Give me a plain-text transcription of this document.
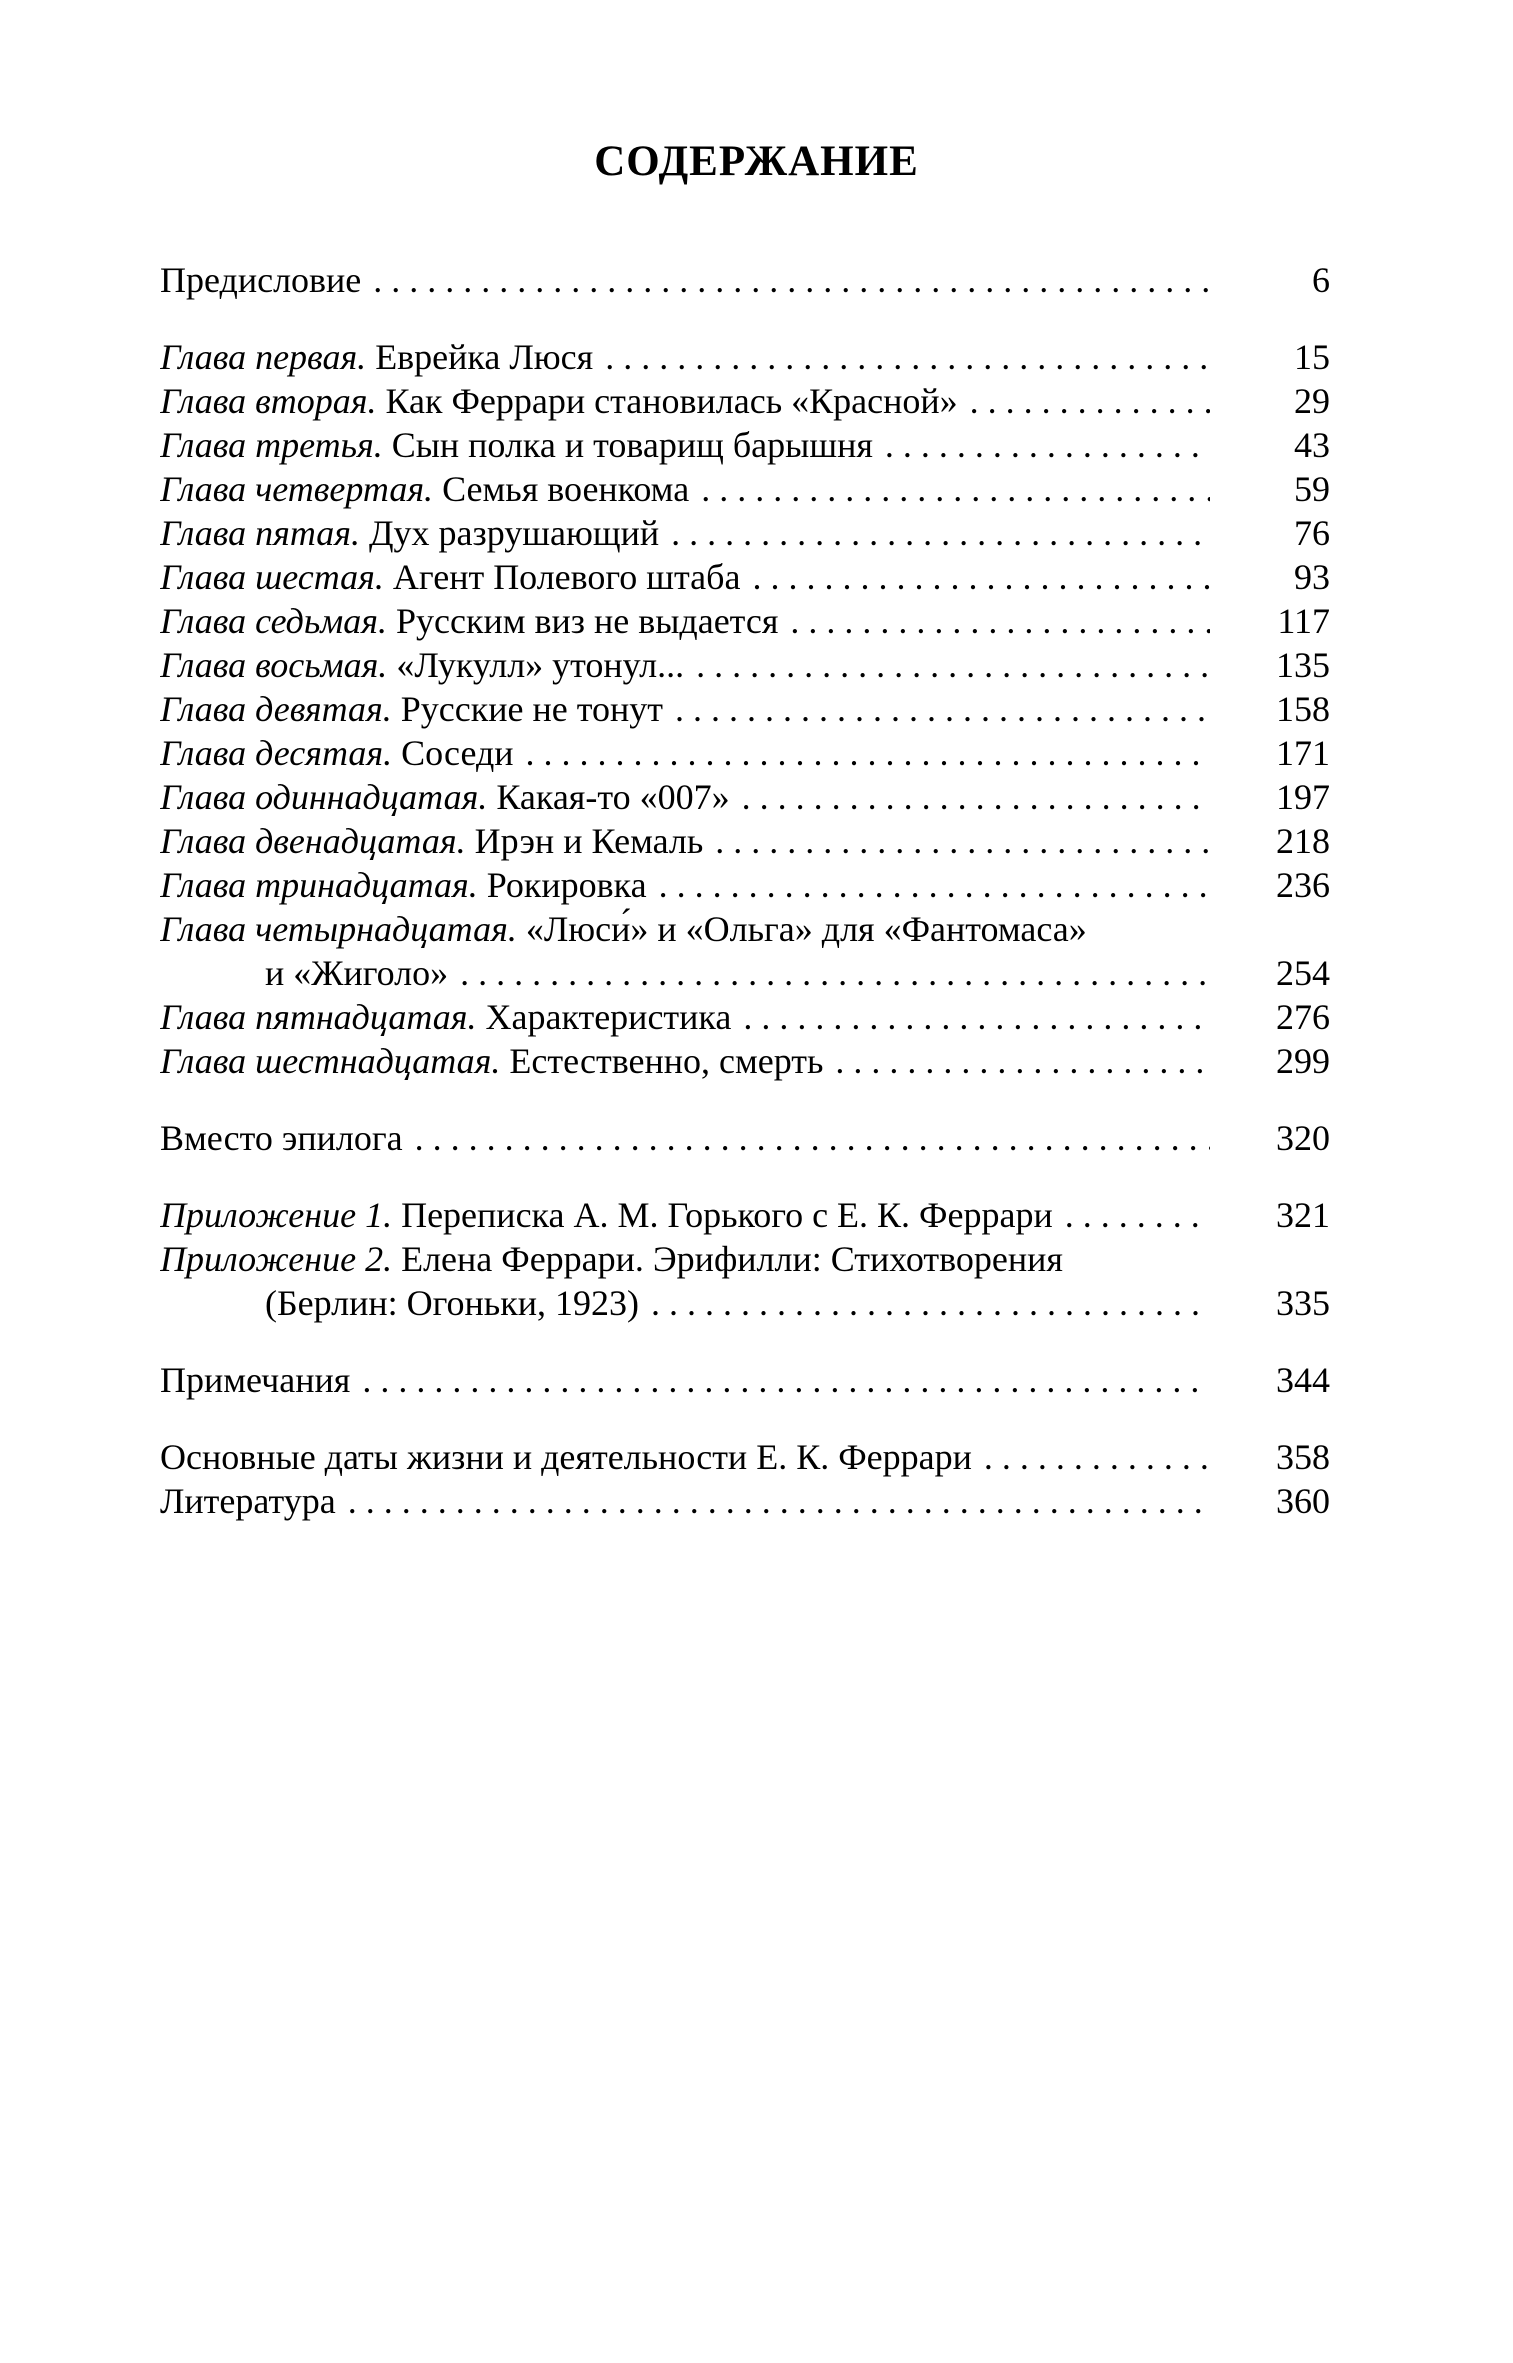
СОДЕРЖАНИЕ
Предисловие . . .	6
Глава первая. Еврейка Люся . . .	15
Глава вторая. Как Феррари становилась «Красной» . . .	29
Глава третья. Сын полка и товарищ барышня . . .	43
Глава четвертая. Семья военкома . . .	59
Глава пятая. Дух разрушающий . . .	76
Глава шестая. Агент Полевого штаба . . .	93
Глава седьмая. Русским виз не выдается . . .	117
Глава восьмая. «Лукулл» утонул... . . .	135
Глава девятая. Русские не тонут . . .	158
Глава десятая. Соседи . . .	171
Глава одиннадцатая. Какая-то «007» . . .	197
Глава двенадцатая. Ирэн и Кемаль . . .	218
Глава тринадцатая. Рокировка . . .	236
Глава четырнадцатая. «Люси́» и «Ольга» для «Фантомаса»
и «Жиголо» . . .	254
Глава пятнадцатая. Характеристика . . .	276
Глава шестнадцатая. Естественно, смерть . . .	299
Вместо эпилога . . .	320
Приложение 1. Переписка А. М. Горького с Е. К. Феррари . . .	321
Приложение 2. Елена Феррари. Эрифилли: Стихотворения
(Берлин: Огоньки, 1923) . . .	335
Примечания . . .	344
Основные даты жизни и деятельности Е. К. Феррари . . .	358
Литература . . .	360
